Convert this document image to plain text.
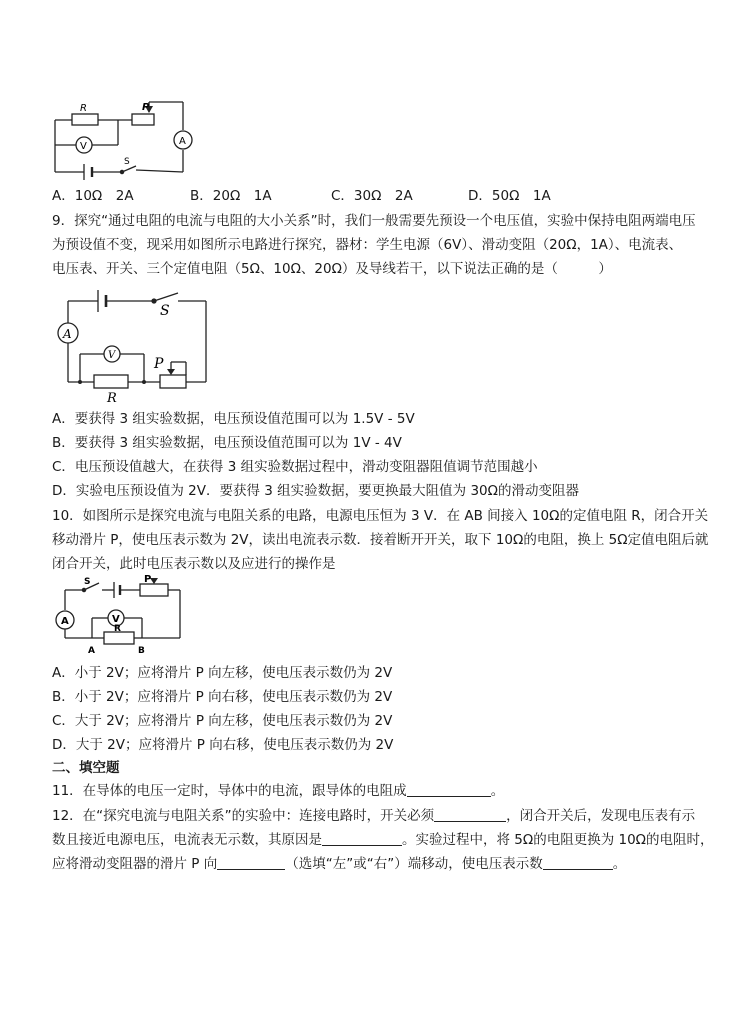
R	P
V	A
S
A．10Ω　2A	B．20Ω　1A	C．30Ω　2A	D．50Ω　1A
9．探究“通过电阻的电流与电阻的大小关系”时，我们一般需要先预设一个电压值，实验中保持电阻两端电压
为预设值不变，现采用如图所示电路进行探究，器材：学生电源（6V）、滑动变阻（20Ω，1A）、电流表、
电压表、开关、三个定值电阻（5Ω、10Ω、20Ω）及导线若干，以下说法正确的是（　　　）
S
A
V
P
R
A．要获得 3 组实验数据，电压预设值范围可以为 1.5V - 5V
B．要获得 3 组实验数据，电压预设值范围可以为 1V - 4V
C．电压预设值越大，在获得 3 组实验数据过程中，滑动变阻器阻值调节范围越小
D．实验电压预设值为 2V．要获得 3 组实验数据，要更换最大阻值为 30Ω的滑动变阻器
10．如图所示是探究电流与电阻关系的电路，电源电压恒为 3 V．在 AB 间接入 10Ω的定值电阻 R，闭合开关
移动滑片 P，使电压表示数为 2V，读出电流表示数．接着断开开关，取下 10Ω的电阻，换上 5Ω定值电阻后就
闭合开关，此时电压表示数以及应进行的操作是
S	P
A	V
R
A	B
A．小于 2V；应将滑片 P 向左移，使电压表示数仍为 2V
B．小于 2V；应将滑片 P 向右移，使电压表示数仍为 2V
C．大于 2V；应将滑片 P 向左移，使电压表示数仍为 2V
D．大于 2V；应将滑片 P 向右移，使电压表示数仍为 2V
二、填空题
11．在导体的电压一定时，导体中的电流，跟导体的电阻成	。
12．在“探究电流与电阻关系”的实验中：连接电路时，开关必须	，闭合开关后，发现电压表有示
数且接近电源电压，电流表无示数，其原因是	。实验过程中，将 5Ω的电阻更换为 10Ω的电阻时，
应将滑动变阻器的滑片 P 向	（选填“左”或“右”）端移动，使电压表示数	。
